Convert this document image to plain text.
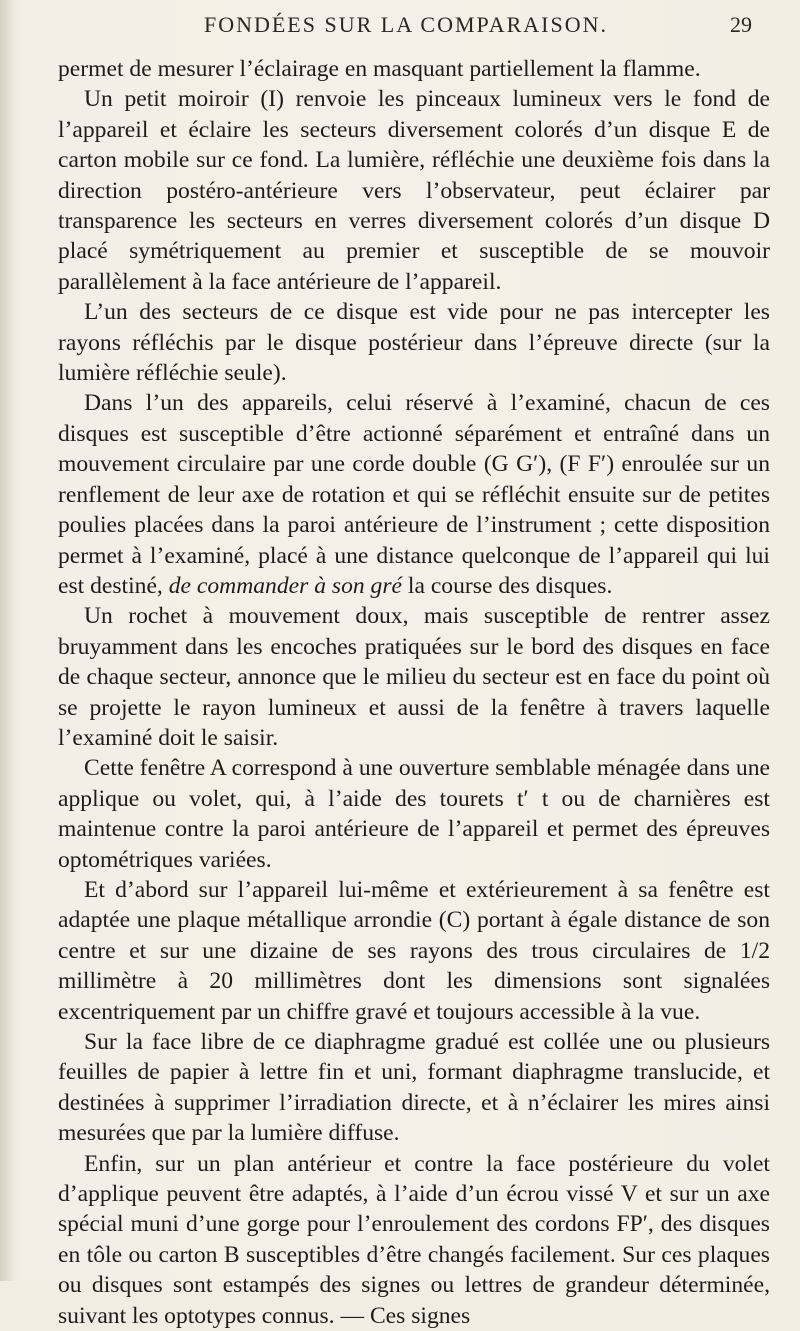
FONDÉES SUR LA COMPARAISON.	29

permet de mesurer l’éclairage en masquant partiellement la flamme.

Un petit moiroir (I) renvoie les pinceaux lumineux vers le fond de l’appareil et éclaire les secteurs diversement colorés d’un disque E de carton mobile sur ce fond. La lumière, réfléchie une deuxième fois dans la direction postéro-antérieure vers l’observateur, peut éclairer par transparence les secteurs en verres diversement colorés d’un disque D placé symétriquement au premier et susceptible de se mouvoir parallèlement à la face antérieure de l’appareil.

L’un des secteurs de ce disque est vide pour ne pas intercepter les rayons réfléchis par le disque postérieur dans l’épreuve directe (sur la lumière réfléchie seule).

Dans l’un des appareils, celui réservé à l’examiné, chacun de ces disques est susceptible d’être actionné séparément et entraîné dans un mouvement circulaire par une corde double (G G′), (F F′) enroulée sur un renflement de leur axe de rotation et qui se réfléchit ensuite sur de petites poulies placées dans la paroi antérieure de l’instrument ; cette disposition permet à l’examiné, placé à une distance quelconque de l’appareil qui lui est destiné, de commander à son gré la course des disques.

Un rochet à mouvement doux, mais susceptible de rentrer assez bruyamment dans les encoches pratiquées sur le bord des disques en face de chaque secteur, annonce que le milieu du secteur est en face du point où se projette le rayon lumineux et aussi de la fenêtre à travers laquelle l’examiné doit le saisir.

Cette fenêtre A correspond à une ouverture semblable ménagée dans une applique ou volet, qui, à l’aide des tourets t′ t ou de charnières est maintenue contre la paroi antérieure de l’appareil et permet des épreuves optométriques variées.

Et d’abord sur l’appareil lui-même et extérieurement à sa fenêtre est adaptée une plaque métallique arrondie (C) portant à égale distance de son centre et sur une dizaine de ses rayons des trous circulaires de 1/2 millimètre à 20 millimètres dont les dimensions sont signalées excentriquement par un chiffre gravé et toujours accessible à la vue.

Sur la face libre de ce diaphragme gradué est collée une ou plusieurs feuilles de papier à lettre fin et uni, formant diaphragme translucide, et destinées à supprimer l’irradiation directe, et à n’éclairer les mires ainsi mesurées que par la lumière diffuse.

Enfin, sur un plan antérieur et contre la face postérieure du volet d’applique peuvent être adaptés, à l’aide d’un écrou vissé V et sur un axe spécial muni d’une gorge pour l’enroulement des cordons FP′, des disques en tôle ou carton B susceptibles d’être changés facilement. Sur ces plaques ou disques sont estampés des signes ou lettres de grandeur déterminée, suivant les optotypes connus. — Ces signes
